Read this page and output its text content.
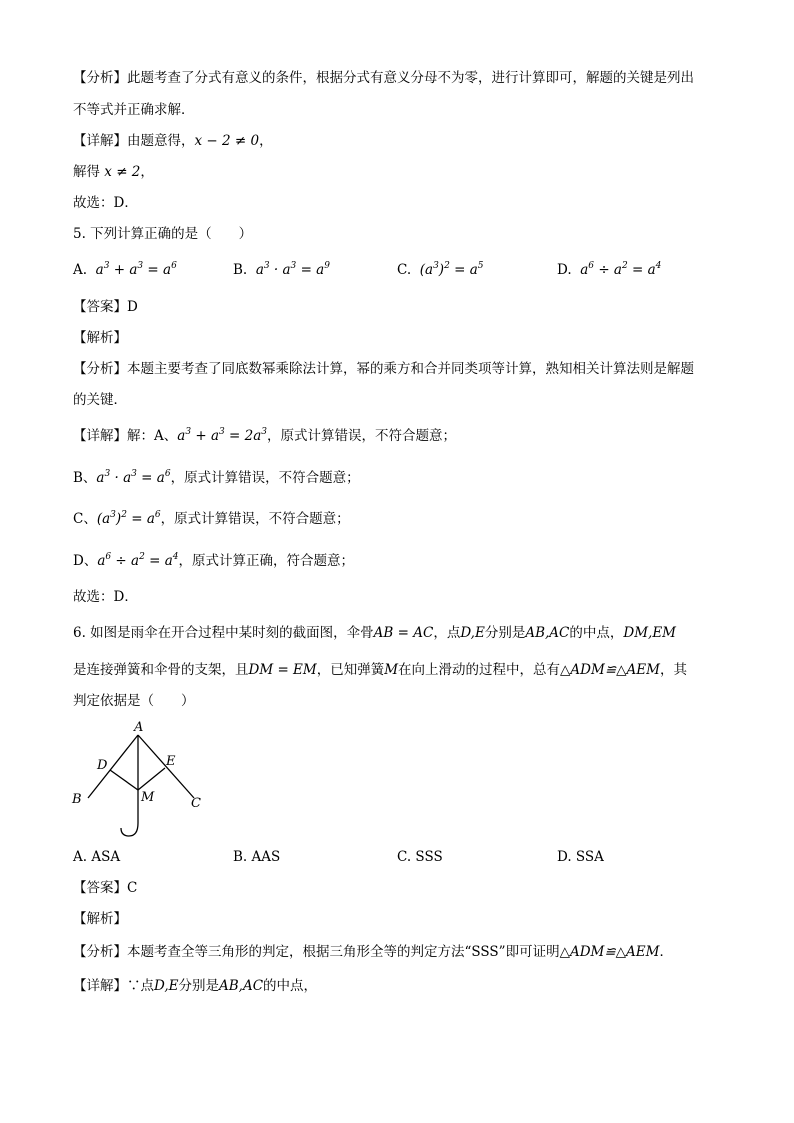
【分析】此题考查了分式有意义的条件，根据分式有意义分母不为零，进行计算即可，解题的关键是列出
不等式并正确求解．
【详解】由题意得，x − 2 ≠ 0，
解得 x ≠ 2，
故选：D．
5. 下列计算正确的是（　　）
A. $a^3 + a^3 = a^6$	B. $a^3 \cdot a^3 = a^9$	C. $(a^3)^2 = a^5$	D. $a^6 \div a^2 = a^4$
【答案】D
【解析】
【分析】本题主要考查了同底数幂乘除法计算，幂的乘方和合并同类项等计算，熟知相关计算法则是解题
的关键．
【详解】解：A、$a^3 + a^3 = 2a^3$，原式计算错误，不符合题意；
B、$a^3 \cdot a^3 = a^6$，原式计算错误，不符合题意；
C、$(a^3)^2 = a^6$，原式计算错误，不符合题意；
D、$a^6 \div a^2 = a^4$，原式计算正确，符合题意；
故选：D．
6. 如图是雨伞在开合过程中某时刻的截面图，伞骨AB = AC，点D,E分别是AB,AC的中点，DM,EM
是连接弹簧和伞骨的支架，且DM = EM，已知弹簧M在向上滑动的过程中，总有△ADM≌△AEM，其
判定依据是（　　）
A
D	E
B	M	C
A. ASA	B. AAS	C. SSS	D. SSA
【答案】C
【解析】
【分析】本题考查全等三角形的判定，根据三角形全等的判定方法“SSS”即可证明△ADM≌△AEM．
【详解】∵点D,E分别是AB,AC的中点，
